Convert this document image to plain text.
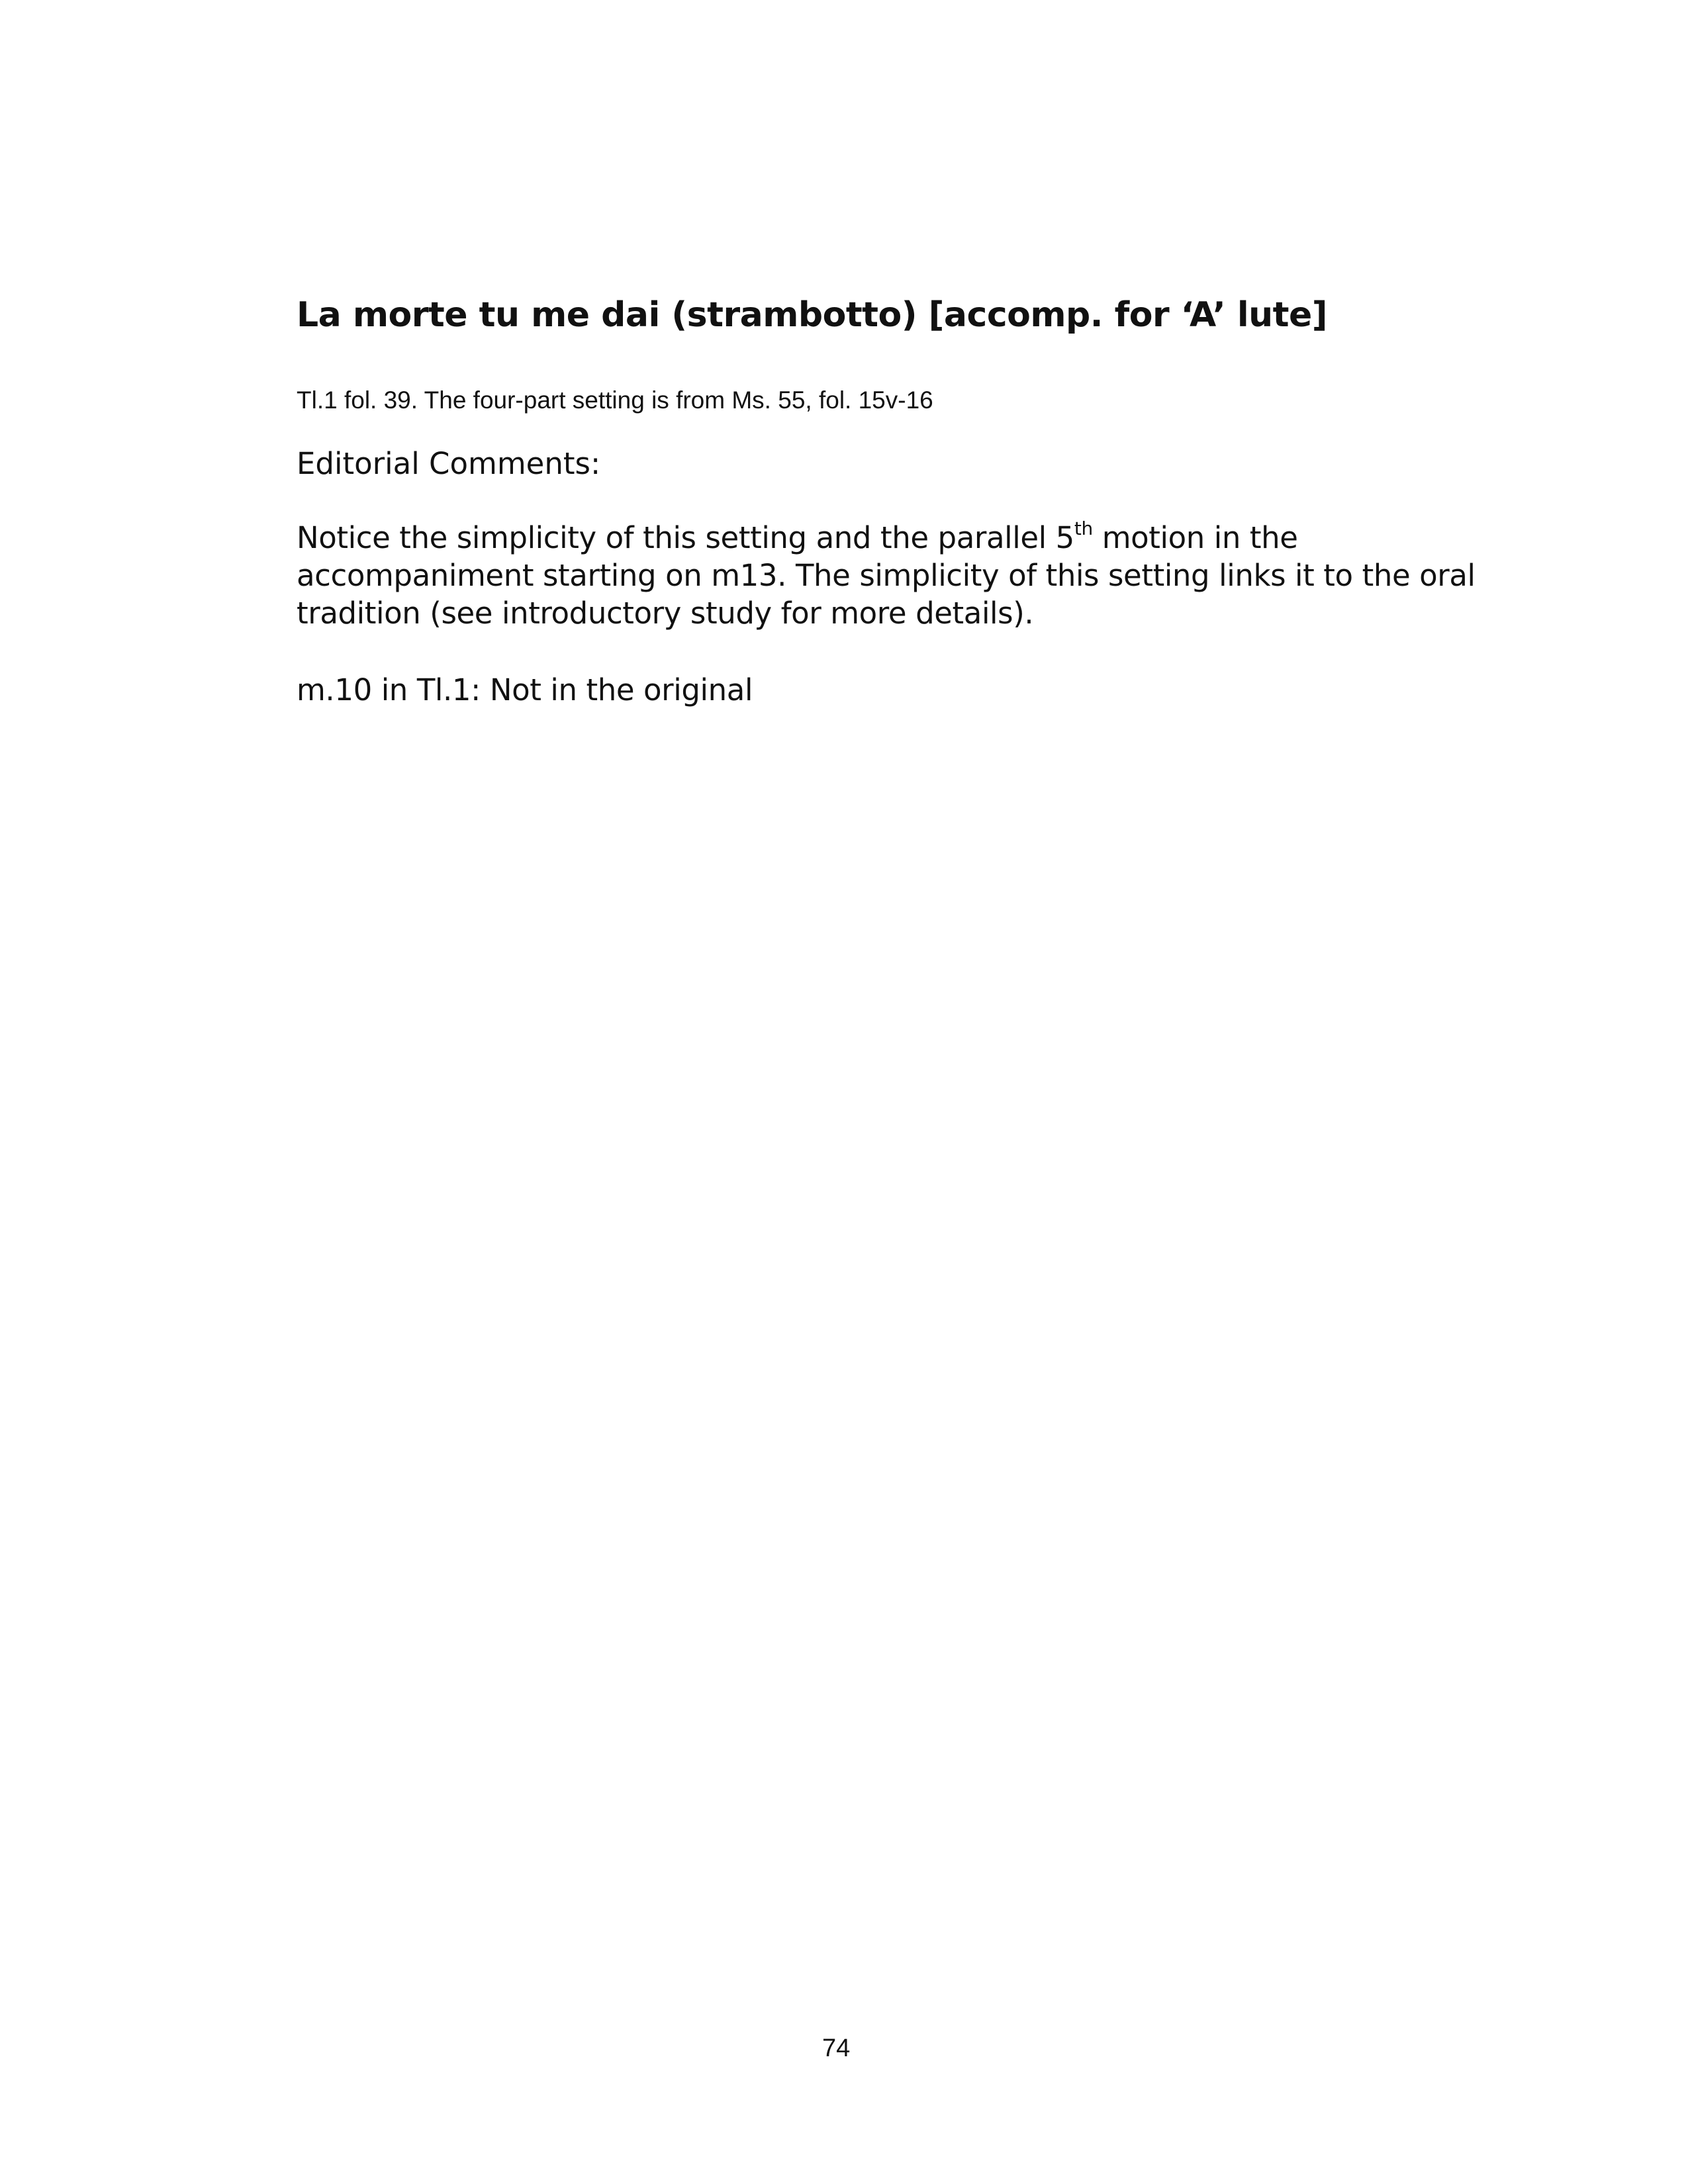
La morte tu me dai (strambotto) [accomp. for ‘A’ lute]

Tl.1 fol. 39. The four-part setting is from Ms. 55, fol. 15v-16

Editorial Comments:

Notice the simplicity of this setting and the parallel 5th motion in the
accompaniment starting on m13. The simplicity of this setting links it to the oral
tradition (see introductory study for more details).

m.10 in Tl.1: Not in the original

74
